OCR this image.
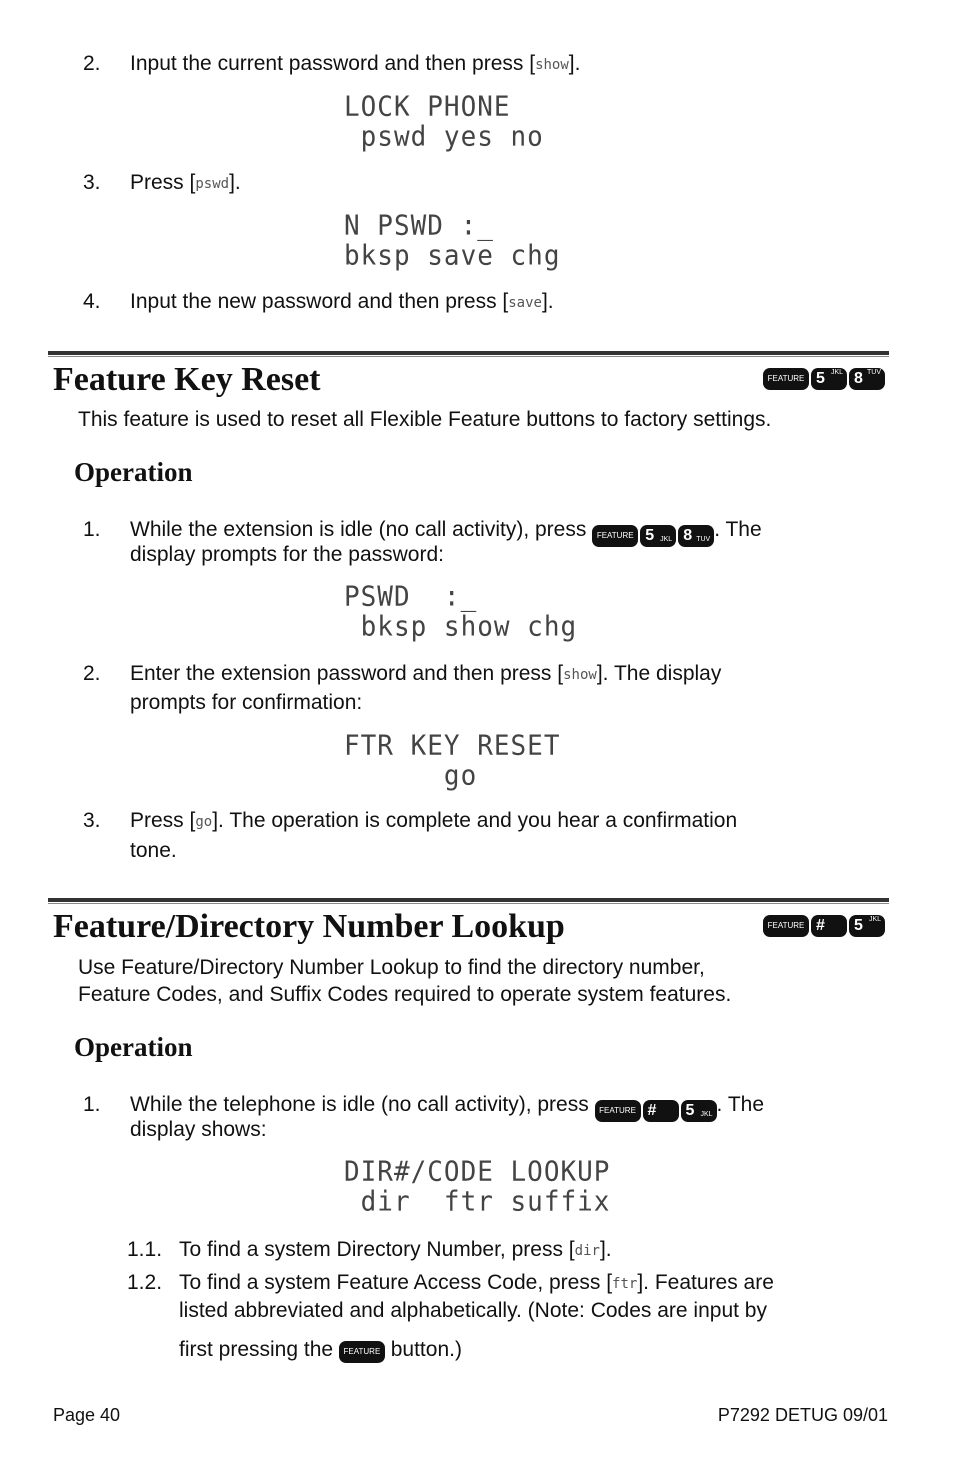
2. Input the current password and then press [show].
LOCK PHONE
pswd yes no
3. Press [pswd].
N PSWD :_
bksp save chg
4. Input the new password and then press [save].
Feature Key Reset	FEATURE 5 $^{JKL}$ 8 $^{TUV}$
This feature is used to reset all Flexible Feature buttons to factory settings.
Operation
1. While the extension is idle (no call activity), press FEATURE 5 $_{JKL}$ 8 $_{TUV}$ . The
display prompts for the password:
PSWD  :_
bksp show chg
2. Enter the extension password and then press [show]. The display
prompts for confirmation:
FTR KEY RESET
go
3. Press [go]. The operation is complete and you hear a confirmation
tone.
Feature/Directory Number Lookup	FEATURE # 5 $^{JKL}$
Use Feature/Directory Number Lookup to find the directory number,
Feature Codes, and Suffix Codes required to operate system features.
Operation
1. While the telephone is idle (no call activity), press FEATURE # 5 $_{JKL}$ . The
display shows:
DIR#/CODE LOOKUP
dir  ftr suffix
1.1. To find a system Directory Number, press [dir].
1.2. To find a system Feature Access Code, press [ftr]. Features are
listed abbreviated and alphabetically. (Note: Codes are input by
first pressing the FEATURE button.)
Page 40	P7292 DETUG 09/01
